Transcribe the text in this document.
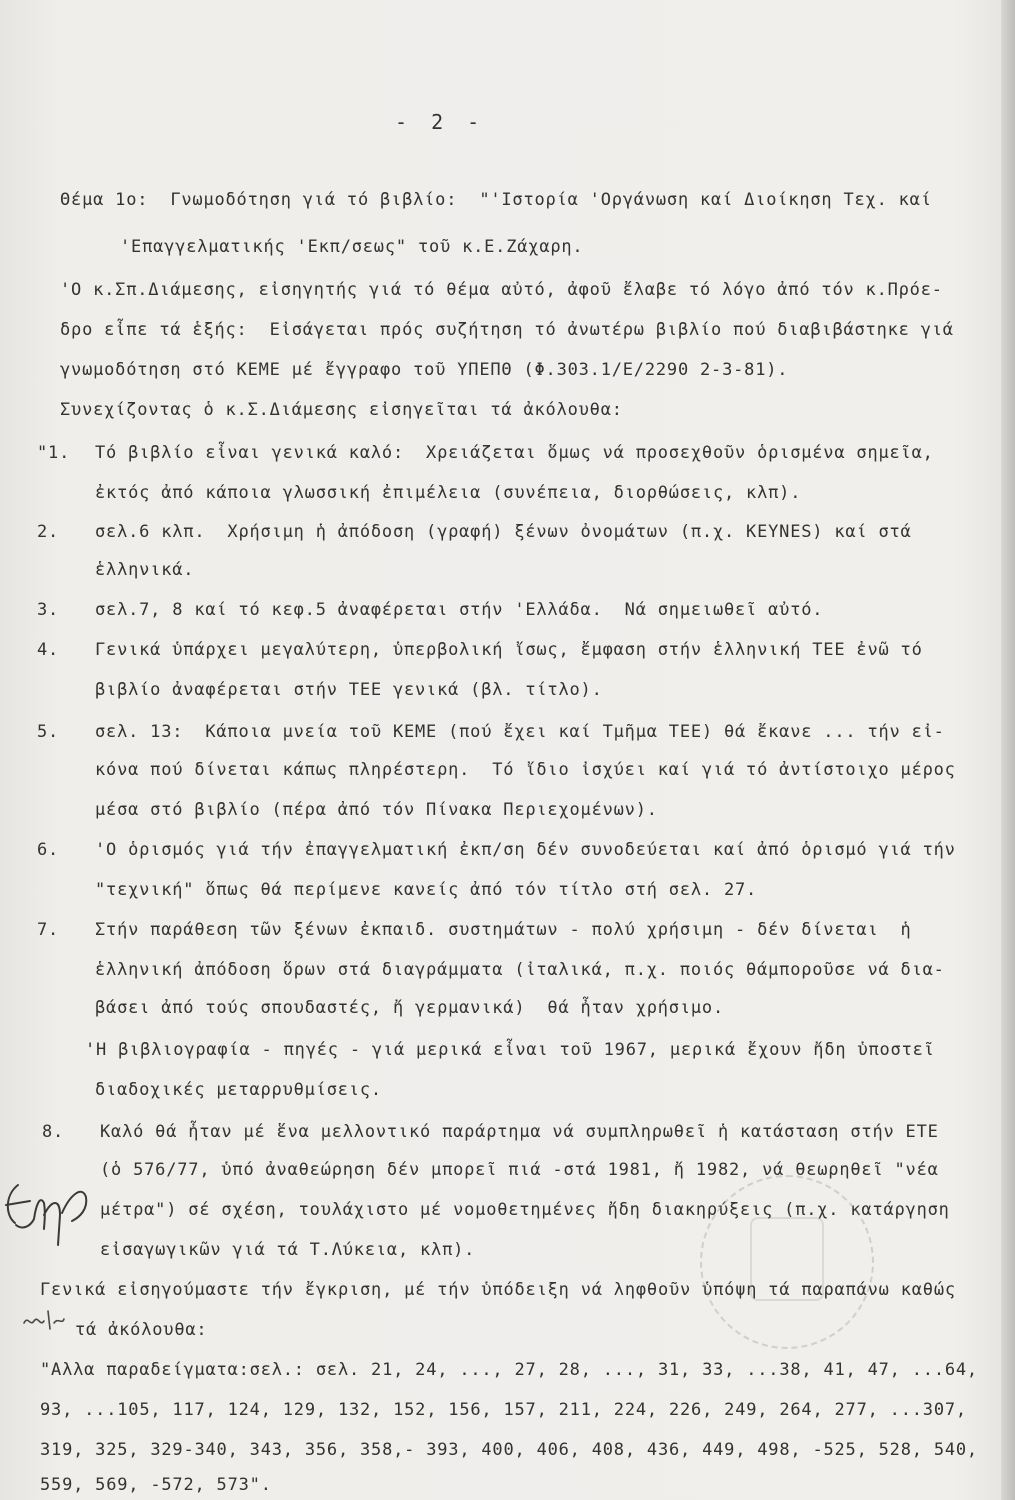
- 2 -
Θέμα 1ο:  Γνωμοδότηση γιά τό βιβλίο:  "'Ιστορία 'Οργάνωση καί Διοίκηση Τεχ. καί
'Επαγγελματικής 'Εκπ/σεως" τοῦ κ.Ε.Ζάχαρη.
'Ο κ.Σπ.Διάμεσης, εἰσηγητής γιά τό θέμα αὐτό, ἀφοῦ ἔλαβε τό λόγο ἀπό τόν κ.Πρόε-
δρο εἶπε τά ἑξής:  Εἰσάγεται πρός συζήτηση τό ἀνωτέρω βιβλίο πού διαβιβάστηκε γιά
γνωμοδότηση στό ΚΕΜΕ μέ ἔγγραφο τοῦ ΥΠΕΠΘ (Φ.303.1/Ε/2290 2-3-81).
Συνεχίζοντας ὁ κ.Σ.Διάμεσης εἰσηγεῖται τά ἀκόλουθα:
"1. Τό βιβλίο εἶναι γενικά καλό:  Χρειάζεται ὅμως νά προσεχθοῦν ὁρισμένα σημεῖα,
ἐκτός ἀπό κάποια γλωσσική ἐπιμέλεια (συνέπεια, διορθώσεις, κλπ).
2. σελ.6 κλπ.  Χρήσιμη ἡ ἀπόδοση (γραφή) ξένων ὀνομάτων (π.χ. KEYNES) καί στά
ἑλληνικά.
3. σελ.7, 8 καί τό κεφ.5 ἀναφέρεται στήν 'Ελλάδα.  Νά σημειωθεῖ αὐτό.
4. Γενικά ὑπάρχει μεγαλύτερη, ὑπερβολική ἴσως, ἔμφαση στήν ἑλληνική ΤΕΕ ἐνῶ τό
βιβλίο ἀναφέρεται στήν ΤΕΕ γενικά (βλ. τίτλο).
5. σελ. 13:  Κάποια μνεία τοῦ ΚΕΜΕ (πού ἔχει καί Τμῆμα ΤΕΕ) θά ἔκανε ... τήν εἰ-
κόνα πού δίνεται κάπως πληρέστερη.  Τό ἴδιο ἰσχύει καί γιά τό ἀντίστοιχο μέρος
μέσα στό βιβλίο (πέρα ἀπό τόν Πίνακα Περιεχομένων).
6. 'Ο ὁρισμός γιά τήν ἐπαγγελματική ἐκπ/ση δέν συνοδεύεται καί ἀπό ὁρισμό γιά τήν
"τεχνική" ὅπως θά περίμενε κανείς ἀπό τόν τίτλο στή σελ. 27.
7. Στήν παράθεση τῶν ξένων ἐκπαιδ. συστημάτων - πολύ χρήσιμη - δέν δίνεται  ἡ
ἑλληνική ἀπόδοση ὅρων στά διαγράμματα (ἰταλικά, π.χ. ποιός θάμποροῦσε νά δια-
βάσει ἀπό τούς σπουδαστές, ἤ γερμανικά)  θά ἦταν χρήσιμο.
'Η βιβλιογραφία - πηγές - γιά μερικά εἶναι τοῦ 1967, μερικά ἔχουν ἤδη ὑποστεῖ
διαδοχικές μεταρρυθμίσεις.
8. Καλό θά ἦταν μέ ἕνα μελλοντικό παράρτημα νά συμπληρωθεῖ ἡ κατάσταση στήν ΕΤΕ
(ὁ 576/77, ὑπό ἀναθεώρηση δέν μπορεῖ πιά -στά 1981, ἤ 1982, νά θεωρηθεῖ "νέα
μέτρα") σέ σχέση, τουλάχιστο μέ νομοθετημένες ἤδη διακηρύξεις (π.χ. κατάργηση
εἰσαγωγικῶν γιά τά Τ.Λύκεια, κλπ).
Γενικά εἰσηγούμαστε τήν ἔγκριση, μέ τήν ὑπόδειξη νά ληφθοῦν ὑπόψη τά παραπάνω καθώς
τά ἀκόλουθα:
"Αλλα παραδείγματα:σελ.: σελ. 21, 24, ..., 27, 28, ..., 31, 33, ...38, 41, 47, ...64,
93, ...105, 117, 124, 129, 132, 152, 156, 157, 211, 224, 226, 249, 264, 277, ...307,
319, 325, 329-340, 343, 356, 358,- 393, 400, 406, 408, 436, 449, 498, -525, 528, 540,
559, 569, -572, 573".
